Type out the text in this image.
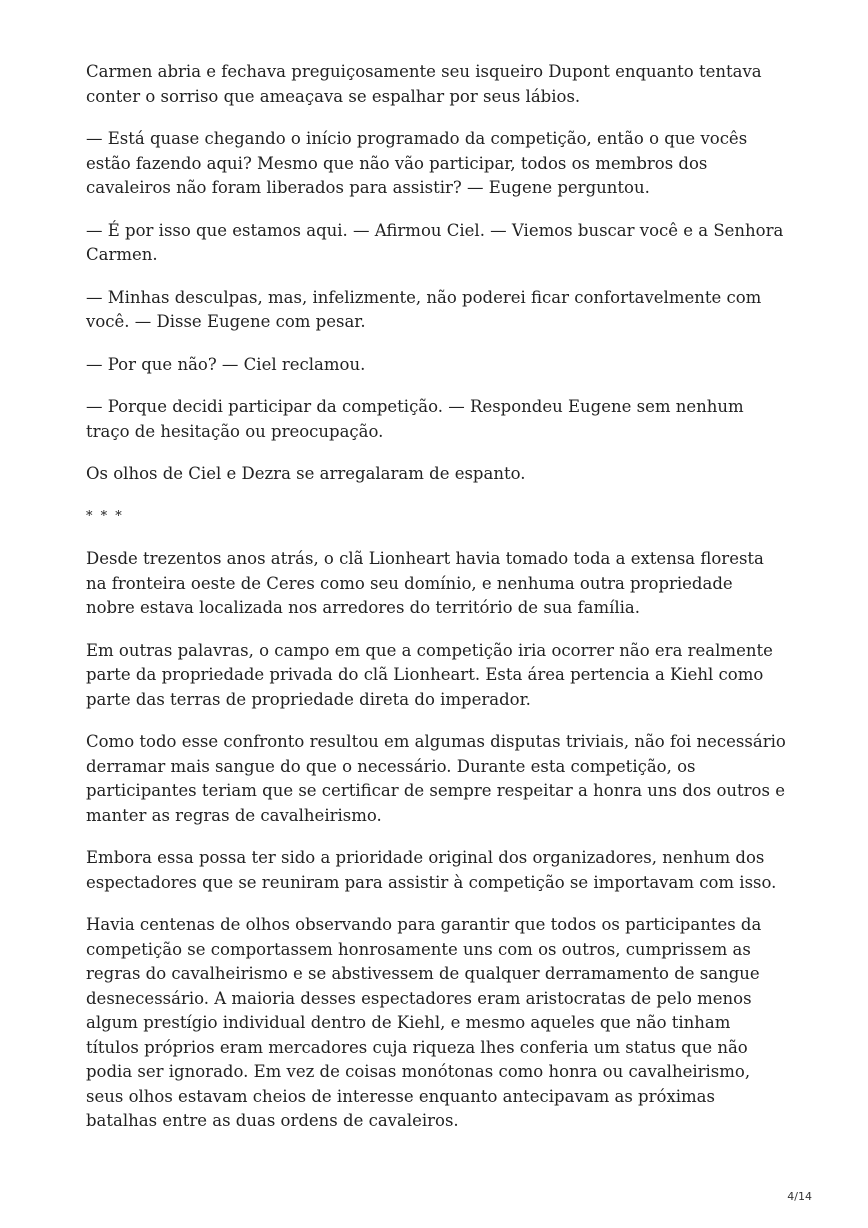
Carmen abria e fechava preguiçosamente seu isqueiro Dupont enquanto tentava conter o sorriso que ameaçava se espalhar por seus lábios.

— Está quase chegando o início programado da competição, então o que vocês estão fazendo aqui? Mesmo que não vão participar, todos os membros dos cavaleiros não foram liberados para assistir? — Eugene perguntou.

— É por isso que estamos aqui. — Afirmou Ciel. — Viemos buscar você e a Senhora Carmen.

— Minhas desculpas, mas, infelizmente, não poderei ficar confortavelmente com você. — Disse Eugene com pesar.

— Por que não? — Ciel reclamou.

— Porque decidi participar da competição. — Respondeu Eugene sem nenhum traço de hesitação ou preocupação.

Os olhos de Ciel e Dezra se arregalaram de espanto.

* * *

Desde trezentos anos atrás, o clã Lionheart havia tomado toda a extensa floresta na fronteira oeste de Ceres como seu domínio, e nenhuma outra propriedade nobre estava localizada nos arredores do território de sua família.

Em outras palavras, o campo em que a competição iria ocorrer não era realmente parte da propriedade privada do clã Lionheart. Esta área pertencia a Kiehl como parte das terras de propriedade direta do imperador.

Como todo esse confronto resultou em algumas disputas triviais, não foi necessário derramar mais sangue do que o necessário. Durante esta competição, os participantes teriam que se certificar de sempre respeitar a honra uns dos outros e manter as regras de cavalheirismo.

Embora essa possa ter sido a prioridade original dos organizadores, nenhum dos espectadores que se reuniram para assistir à competição se importavam com isso.

Havia centenas de olhos observando para garantir que todos os participantes da competição se comportassem honrosamente uns com os outros, cumprissem as regras do cavalheirismo e se abstivessem de qualquer derramamento de sangue desnecessário. A maioria desses espectadores eram aristocratas de pelo menos algum prestígio individual dentro de Kiehl, e mesmo aqueles que não tinham títulos próprios eram mercadores cuja riqueza lhes conferia um status que não podia ser ignorado. Em vez de coisas monótonas como honra ou cavalheirismo, seus olhos estavam cheios de interesse enquanto antecipavam as próximas batalhas entre as duas ordens de cavaleiros.

4/14
